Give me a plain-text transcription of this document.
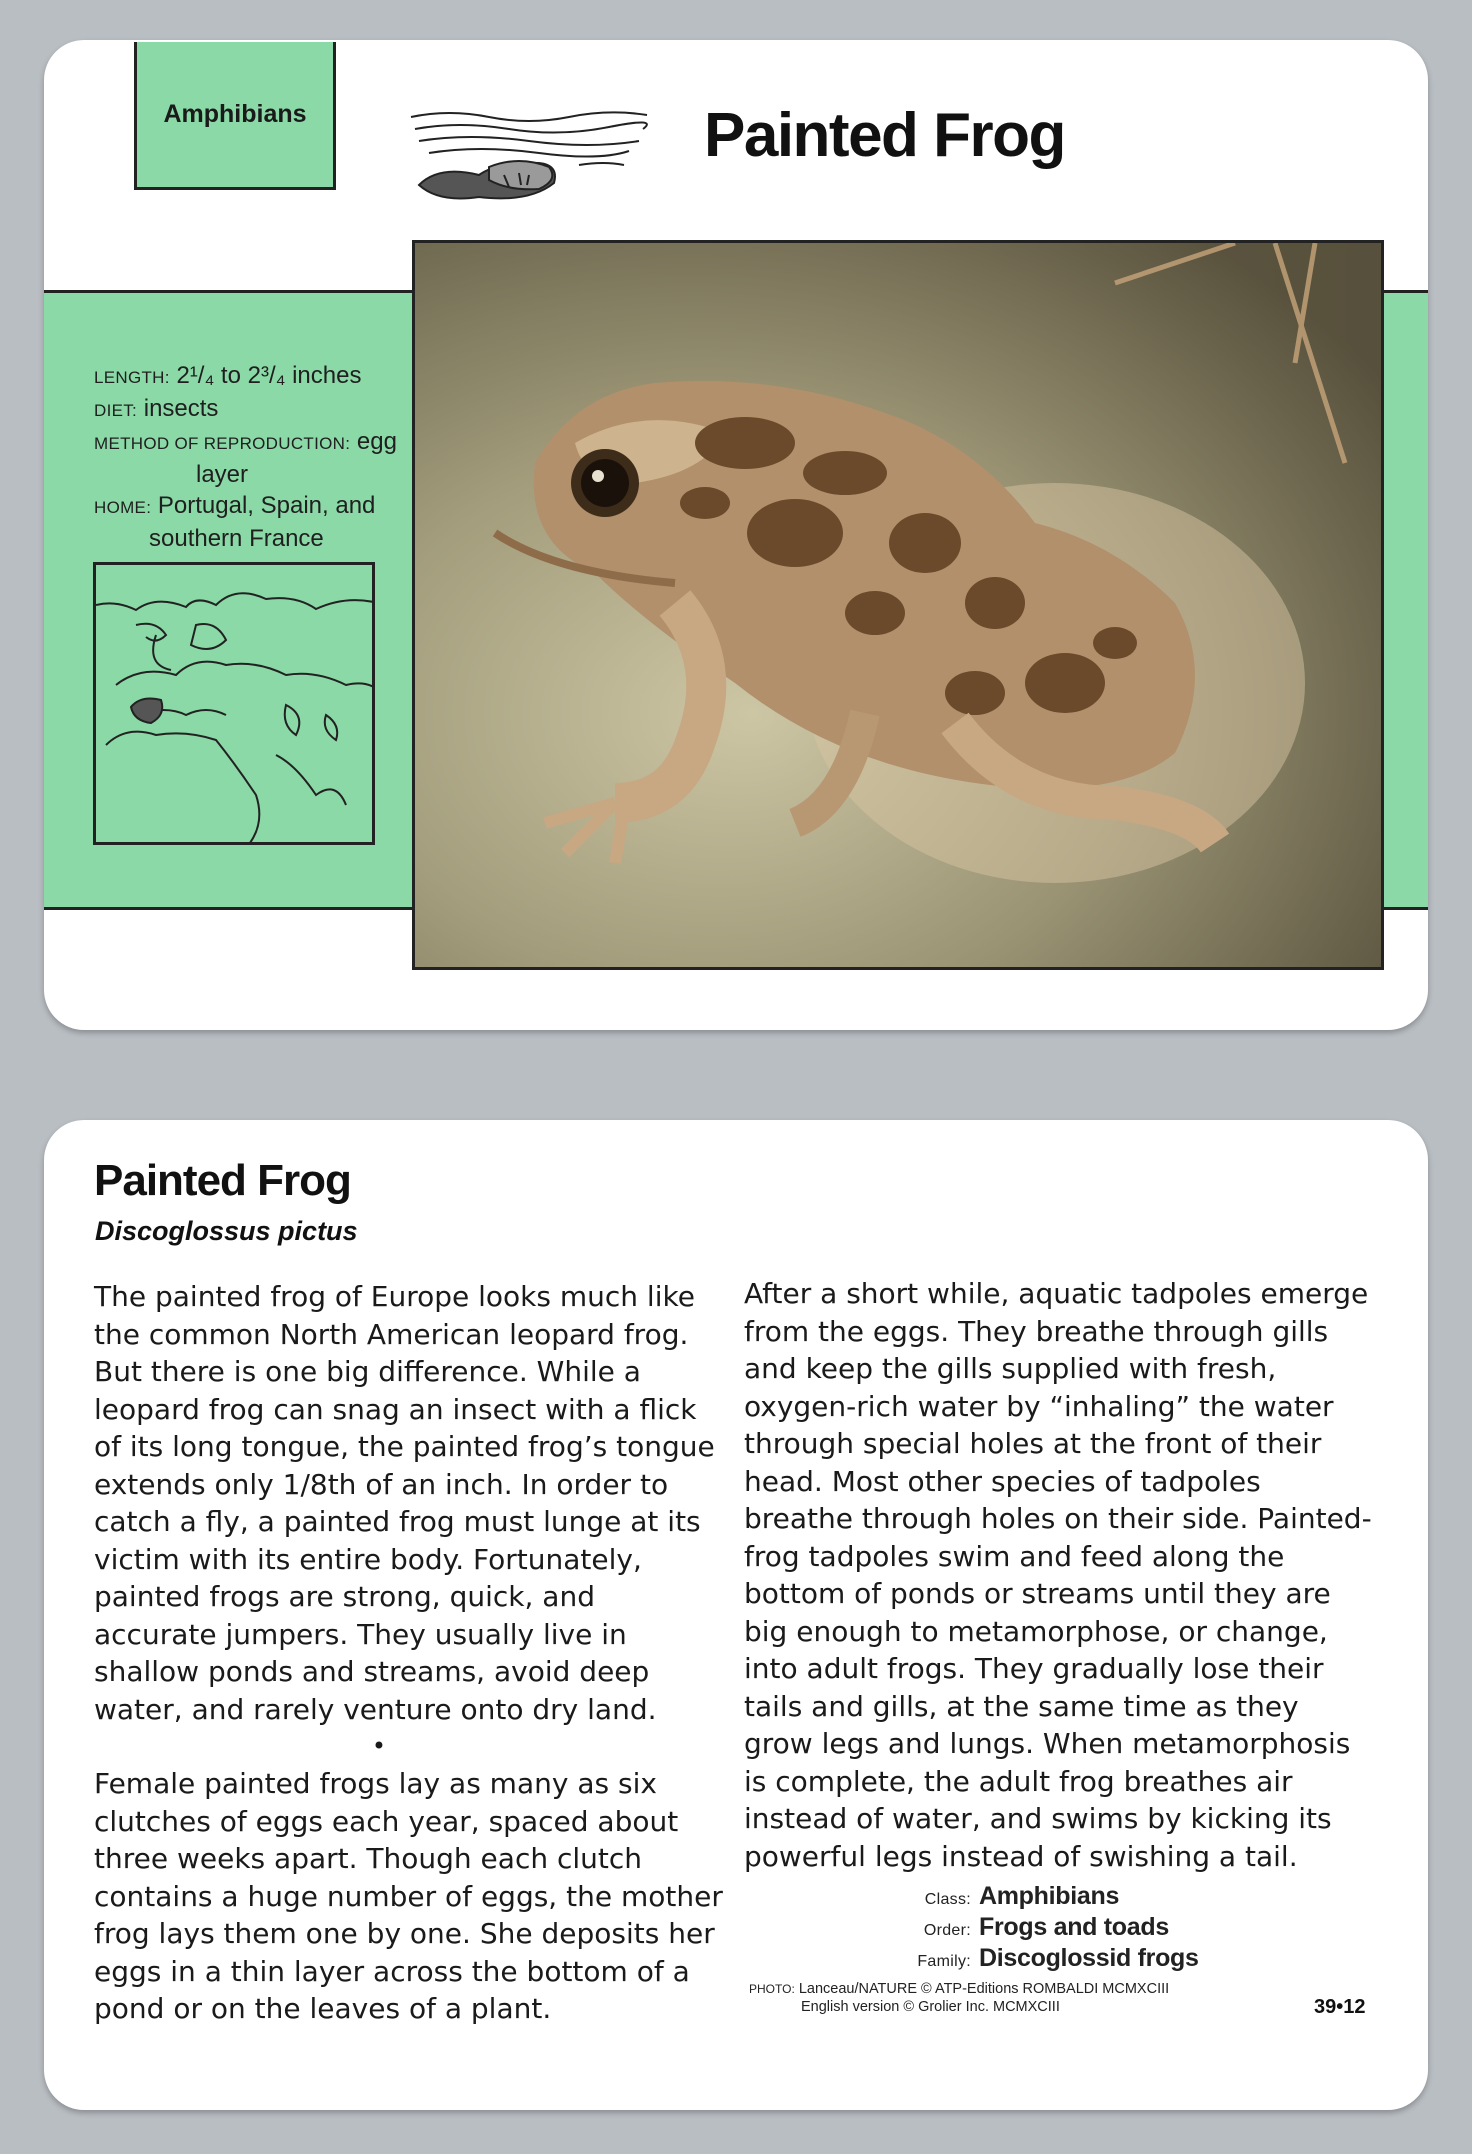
Amphibians	Painted Frog
LENGTH: 2¹/₄ to 2³/₄ inches
DIET: insects
METHOD OF REPRODUCTION: egg
layer
HOME: Portugal, Spain, and
southern France
Painted Frog
Discoglossus pictus
The painted frog of Europe looks much like
the common North American leopard frog.
But there is one big difference. While a
leopard frog can snag an insect with a flick
of its long tongue, the painted frog’s tongue
extends only 1/8th of an inch. In order to
catch a fly, a painted frog must lunge at its
victim with its entire body. Fortunately,
painted frogs are strong, quick, and
accurate jumpers. They usually live in
shallow ponds and streams, avoid deep
water, and rarely venture onto dry land.
•
Female painted frogs lay as many as six
clutches of eggs each year, spaced about
three weeks apart. Though each clutch
contains a huge number of eggs, the mother
frog lays them one by one. She deposits her
eggs in a thin layer across the bottom of a
pond or on the leaves of a plant.
After a short while, aquatic tadpoles emerge
from the eggs. They breathe through gills
and keep the gills supplied with fresh,
oxygen-rich water by “inhaling” the water
through special holes at the front of their
head. Most other species of tadpoles
breathe through holes on their side. Painted-
frog tadpoles swim and feed along the
bottom of ponds or streams until they are
big enough to metamorphose, or change,
into adult frogs. They gradually lose their
tails and gills, at the same time as they
grow legs and lungs. When metamorphosis
is complete, the adult frog breathes air
instead of water, and swims by kicking its
powerful legs instead of swishing a tail.
Class: Amphibians
Order: Frogs and toads
Family: Discoglossid frogs
PHOTO: Lanceau/NATURE © ATP-Editions ROMBALDI MCMXCIII
English version © Grolier Inc. MCMXCIII	39•12
